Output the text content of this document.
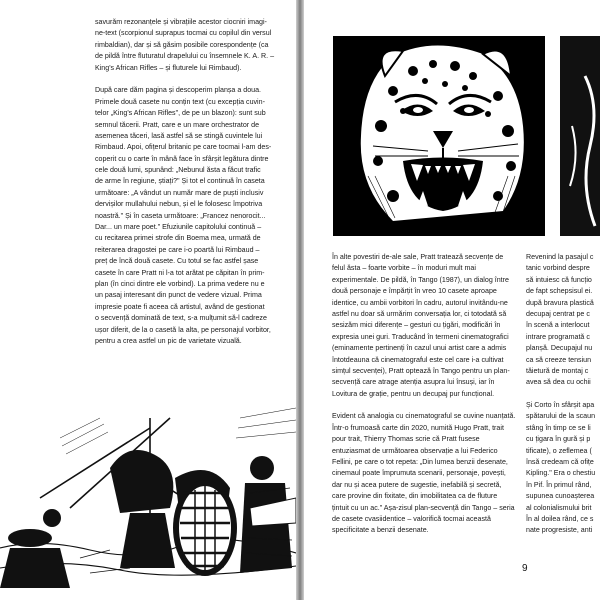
savurăm rezonanțele și vibrațiile acestor ciocniri imagi-
ne-text (scorpionul suprapus tocmai cu copilul din versul
rimbaldian), dar și să găsim posibile corespondențe (ca
de pildă între fluturatul drapelului cu însemnele K. A. R. –
King's African Rifles – și fluturele lui Rimbaud).
După care dăm pagina și descoperim planșa a doua.
Primele două casete nu conțin text (cu excepția cuvin-
telor „King's African Rifles", de pe un blazon): sunt sub
semnul tăcerii. Pratt, care e un mare orchestrator de
asemenea tăceri, lasă astfel să se stingă cuvintele lui
Rimbaud. Apoi, ofițerul britanic pe care tocmai l-am des-
coperit cu o carte în mână face în sfârșit legătura dintre
cele două lumi, spunând: „Nebunul ăsta a făcut trafic
de arme în regiune, știați?" Și tot el continuă în caseta
următoare: „A vândut un număr mare de puști inclusiv
dervișilor mullahului nebun, și el le folosesc împotriva
noastră." Și în caseta următoare: „Francez nenorocit...
Dar... un mare poet." Efuziunile capitolului continuă –
cu recitarea primei strofe din Boema mea, urmată de
reiterarea dragostei pe care i-o poartă lui Rimbaud –
preț de încă două casete. Cu totul se fac astfel șase
casete în care Pratt ni l-a tot arătat pe căpitan în prim-
plan (în cinci dintre ele vorbind). La prima vedere nu e
un pasaj interesant din punct de vedere vizual. Prima
impresie poate fi aceea că artistul, având de gestionat
o secvență dominată de text, s-a mulțumit să-l cadreze
ușor diferit, de la o casetă la alta, pe personajul vorbitor,
pentru a crea astfel un pic de varietate vizuală.

În alte povestiri de-ale sale, Pratt tratează secvențe de felul ăsta – foarte vorbite – în moduri mult mai experimentale. De pildă, în Tango (1987), un dialog între două personaje e împărțit în vreo 10 casete aproape identice, cu ambii vorbitori în cadru, autorul invitându-ne astfel nu doar să urmărim conversația lor, ci totodată să sesizăm mici diferențe – gesturi cu țigări, modificări în expresia unei guri. Traducând în termeni cinematografici (eminamente pertinenți în cazul unui artist care a admis întotdeauna că cinematograful este cel care i-a cultivat simțul secvenței), Pratt optează în Tango pentru un plan-secvență care atrage atenția asupra lui însuși, iar în Lovitura de grație, pentru un decupaj pur funcțional.

Evident că analogia cu cinematograful se cuvine nuanțată. Într-o frumoasă carte din 2020, numită Hugo Pratt, trait pour trait, Thierry Thomas scrie că Pratt fusese entuziasmat de următoarea observație a lui Federico Fellini, pe care o tot repeta: „Din lumea benzii desenate, cinemaul poate împrumuta scenarii, personaje, povești, dar nu și acea putere de sugestie, inefabilă și secretă, care provine din fixitate, din imobilitatea ca de fluture țintuit cu un ac." Așa-zisul plan-secvență din Tango – seria de casete cvasiidentice – valorifică tocmai această specificitate a benzii desenate.

Revenind la pasajul c
tanic vorbind despre
să intuiesc că funcțio
de fapt schepsisul ei.
după bravura plasticǎ
decupaj centrat pe c
în scenă a interlocut
intrare programată c
planșă. Decupajul nu
ca să creeze tensiun
tăietură de montaj c
avea să dea cu ochii
Și Corto în sfârșit apa
spătarului de la scaun
stâng în timp ce se li
cu țigara în gură și p
tificate), o zeflemea (
însă credeam că ofițe
Kipling." Era o chestiu
în Pif. În primul rând,
supunea cunoașterea
al colonialismului brit
În al doilea rând, ce s
nate progresiste, anti
9
